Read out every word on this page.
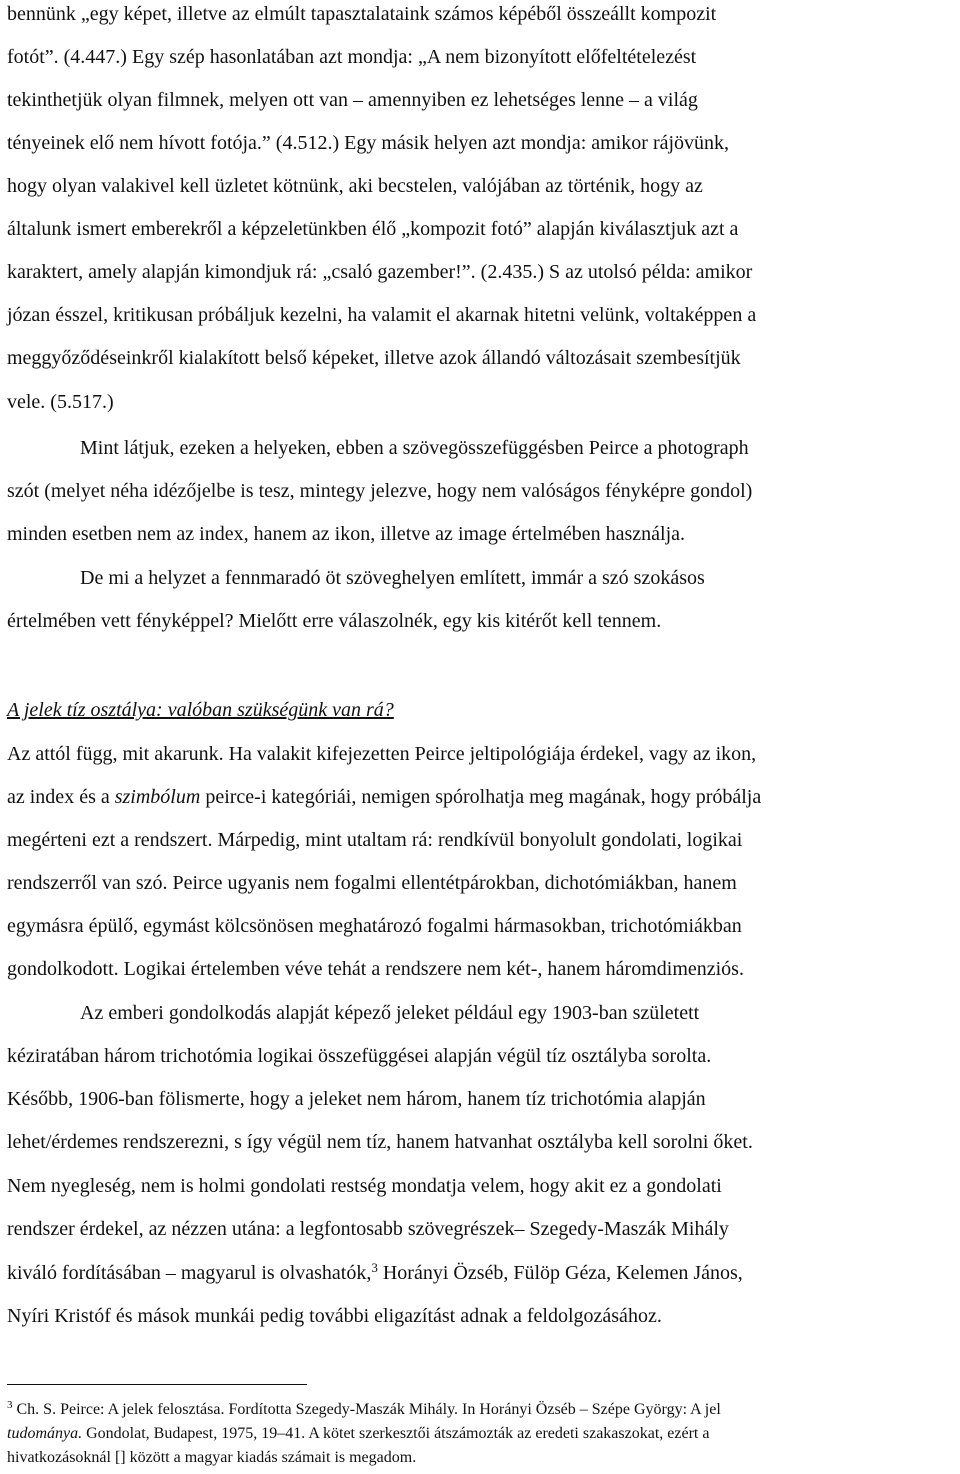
bennünk „egy képet, illetve az elmúlt tapasztalataink számos képéből összeállt kompozit
fotót”. (4.447.) Egy szép hasonlatában azt mondja: „A nem bizonyított előfeltételezést
tekinthetjük olyan filmnek, melyen ott van – amennyiben ez lehetséges lenne – a világ
tényeinek elő nem hívott fotója.” (4.512.) Egy másik helyen azt mondja: amikor rájövünk,
hogy olyan valakivel kell üzletet kötnünk, aki becstelen, valójában az történik, hogy az
általunk ismert emberekről a képzeletünkben élő „kompozit fotó” alapján kiválasztjuk azt a
karaktert, amely alapján kimondjuk rá: „csaló gazember!”. (2.435.) S az utolsó példa: amikor
józan ésszel, kritikusan próbáljuk kezelni, ha valamit el akarnak hitetni velünk, voltaképpen a
meggyőződéseinkről kialakított belső képeket, illetve azok állandó változásait szembesítjük
vele. (5.517.)
Mint látjuk, ezeken a helyeken, ebben a szövegösszefüggésben Peirce a photograph
szót (melyet néha idézőjelbe is tesz, mintegy jelezve, hogy nem valóságos fényképre gondol)
minden esetben nem az index, hanem az ikon, illetve az image értelmében használja.
De mi a helyzet a fennmaradó öt szöveghelyen említett, immár a szó szokásos
értelmében vett fényképpel? Mielőtt erre válaszolnék, egy kis kitérőt kell tennem.
A jelek tíz osztálya: valóban szükségünk van rá?
Az attól függ, mit akarunk. Ha valakit kifejezetten Peirce jeltipológiája érdekel, vagy az ikon,
az index és a szimbólum peirce-i kategóriái, nemigen spórolhatja meg magának, hogy próbálja
megérteni ezt a rendszert. Márpedig, mint utaltam rá: rendkívül bonyolult gondolati, logikai
rendszerről van szó. Peirce ugyanis nem fogalmi ellentétpárokban, dichotómiákban, hanem
egymásra épülő, egymást kölcsönösen meghatározó fogalmi hármasokban, trichotómiákban
gondolkodott. Logikai értelemben véve tehát a rendszere nem két-, hanem háromdimenziós.
Az emberi gondolkodás alapját képező jeleket például egy 1903-ban született
kéziratában három trichotómia logikai összefüggései alapján végül tíz osztályba sorolta.
Később, 1906-ban fölismerte, hogy a jeleket nem három, hanem tíz trichotómia alapján
lehet/érdemes rendszerezni, s így végül nem tíz, hanem hatvanhat osztályba kell sorolni őket.
Nem nyegleség, nem is holmi gondolati restség mondatja velem, hogy akit ez a gondolati
rendszer érdekel, az nézzen utána: a legfontosabb szövegrészek– Szegedy-Maszák Mihály
kiváló fordításában – magyarul is olvashatók,$^3$ Horányi Özséb, Fülöp Géza, Kelemen János,
Nyíri Kristóf és mások munkái pedig további eligazítást adnak a feldolgozásához.
$^3$ Ch. S. Peirce: A jelek felosztása. Fordította Szegedy-Maszák Mihály. In Horányi Özséb – Szépe György: A jel
tudománya. Gondolat, Budapest, 1975, 19–41. A kötet szerkesztői átszámozták az eredeti szakaszokat, ezért a
hivatkozásoknál [] között a magyar kiadás számait is megadom.
